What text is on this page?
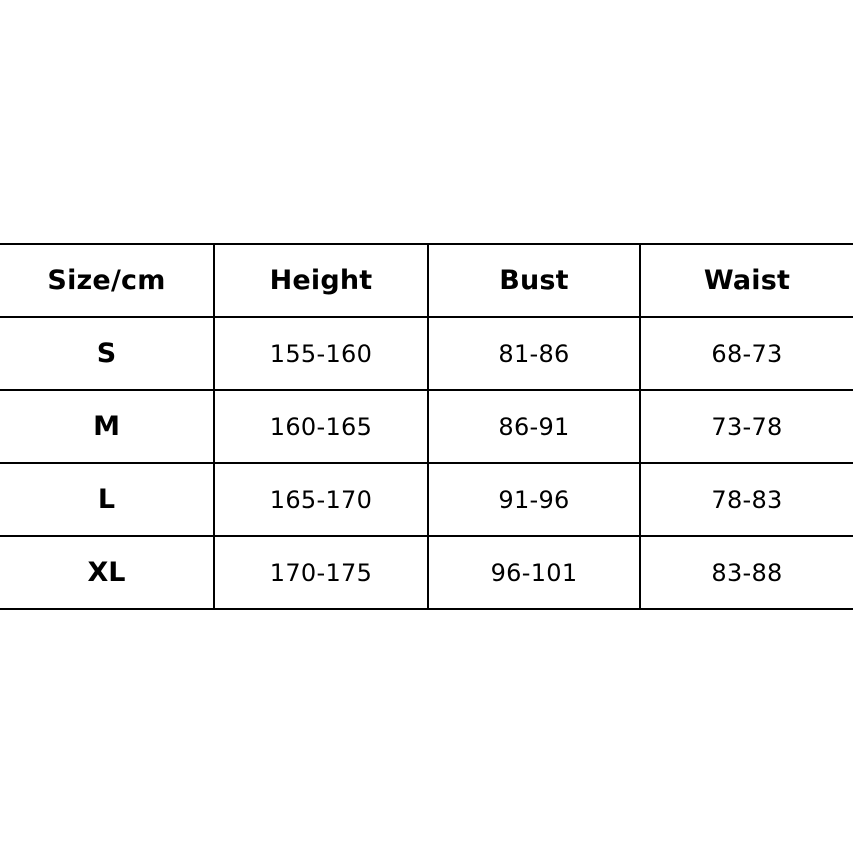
Size/cm	Height	Bust	Waist
S	155-160	81-86	68-73
M	160-165	86-91	73-78
L	165-170	91-96	78-83
XL	170-175	96-101	83-88
